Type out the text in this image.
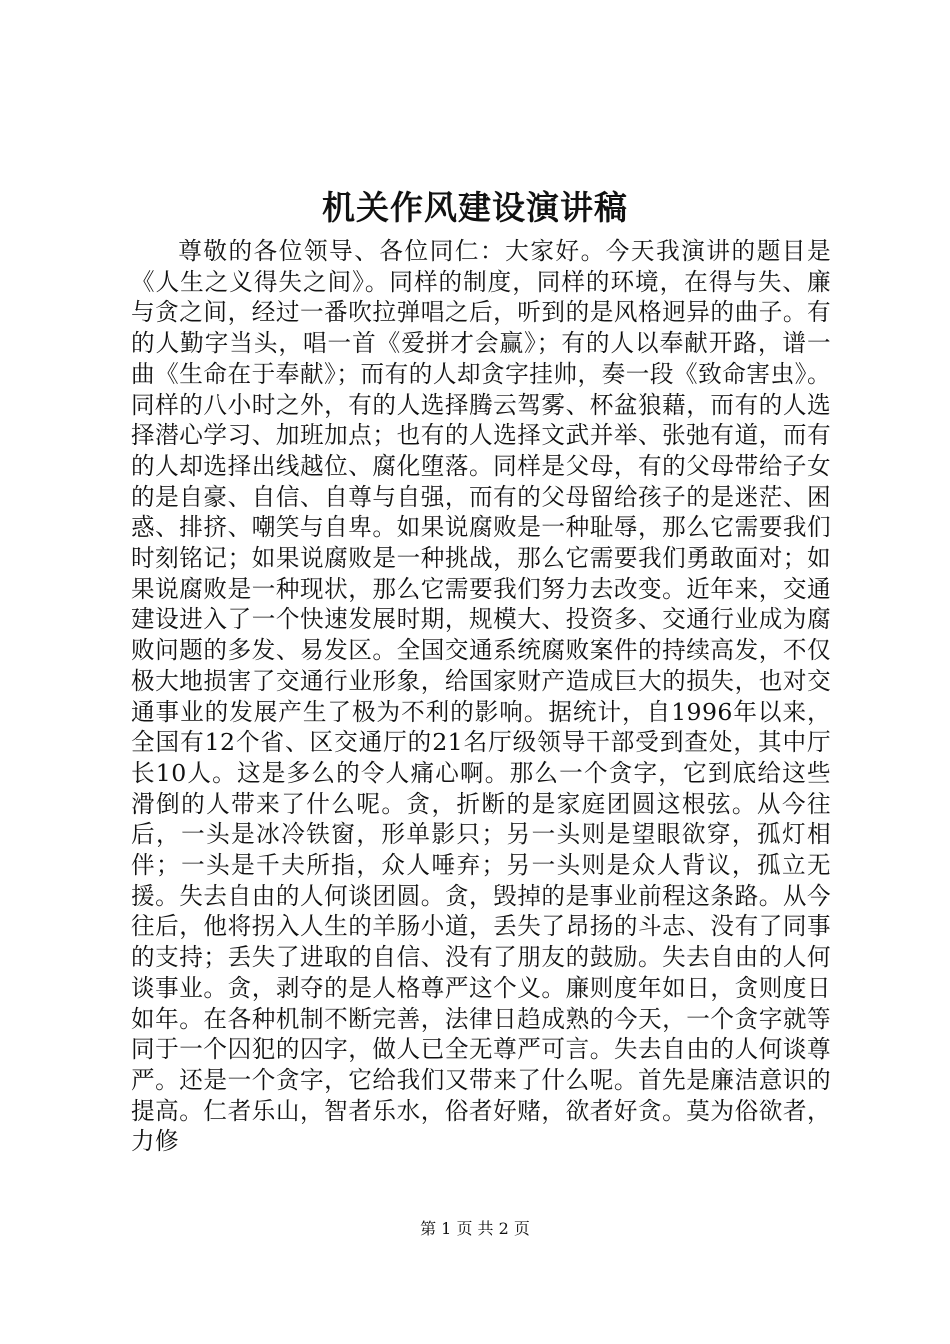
机关作风建设演讲稿

尊敬的各位领导、各位同仁：大家好。今天我演讲的题目是《人生之义得失之间》。同样的制度，同样的环境，在得与失、廉与贪之间，经过一番吹拉弹唱之后，听到的是风格迥异的曲子。有的人勤字当头，唱一首《爱拼才会赢》；有的人以奉献开路，谱一曲《生命在于奉献》；而有的人却贪字挂帅，奏一段《致命害虫》。同样的八小时之外，有的人选择腾云驾雾、杯盆狼藉，而有的人选择潜心学习、加班加点；也有的人选择文武并举、张弛有道，而有的人却选择出线越位、腐化堕落。同样是父母，有的父母带给子女的是自豪、自信、自尊与自强，而有的父母留给孩子的是迷茫、困惑、排挤、嘲笑与自卑。如果说腐败是一种耻辱，那么它需要我们时刻铭记；如果说腐败是一种挑战，那么它需要我们勇敢面对；如果说腐败是一种现状，那么它需要我们努力去改变。近年来，交通建设进入了一个快速发展时期，规模大、投资多、交通行业成为腐败问题的多发、易发区。全国交通系统腐败案件的持续高发，不仅极大地损害了交通行业形象，给国家财产造成巨大的损失，也对交通事业的发展产生了极为不利的影响。据统计，自1996年以来，全国有12个省、区交通厅的21名厅级领导干部受到查处，其中厅长10人。这是多么的令人痛心啊。那么一个贪字，它到底给这些滑倒的人带来了什么呢。贪，折断的是家庭团圆这根弦。从今往后，一头是冰冷铁窗，形单影只；另一头则是望眼欲穿，孤灯相伴；一头是千夫所指，众人唾弃；另一头则是众人背议，孤立无援。失去自由的人何谈团圆。贪，毁掉的是事业前程这条路。从今往后，他将拐入人生的羊肠小道，丢失了昂扬的斗志、没有了同事的支持；丢失了进取的自信、没有了朋友的鼓励。失去自由的人何谈事业。贪，剥夺的是人格尊严这个义。廉则度年如日，贪则度日如年。在各种机制不断完善，法律日趋成熟的今天，一个贪字就等同于一个囚犯的囚字，做人已全无尊严可言。失去自由的人何谈尊严。还是一个贪字，它给我们又带来了什么呢。首先是廉洁意识的提高。仁者乐山，智者乐水，俗者好赌，欲者好贪。莫为俗欲者，力修

第 1 页 共 2 页
